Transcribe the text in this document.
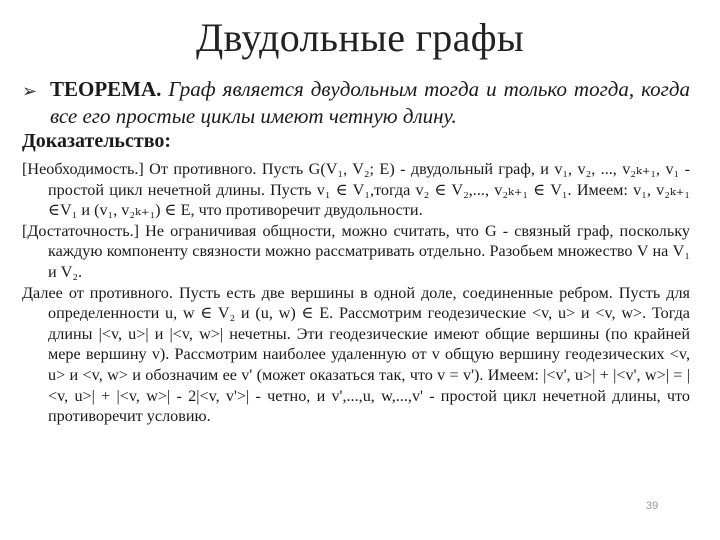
Двудольные графы
➢ ТЕОРЕМА. Граф является двудольным тогда и только тогда, когда все его простые циклы имеют четную длину.
Доказательство:

[Необходимость.] От противного. Пусть G(V₁, V₂; E) - двудольный граф, и v₁, v₂, ..., v₂ₖ₊₁, v₁ - простой цикл нечетной длины. Пусть v₁ ∈ V₁,тогда v₂ ∈ V₂,..., v₂ₖ₊₁ ∈ V₁. Имеем: v₁, v₂ₖ₊₁ ∈V₁ и (v₁, v₂ₖ₊₁) ∈ E, что противоречит двудольности.

[Достаточность.] Не ограничивая общности, можно считать, что G - связный граф, поскольку каждую компоненту связности можно рассматривать отдельно. Разобьем множество V на V₁ и V₂.

Далее от противного. Пусть есть две вершины в одной доле, соединенные ребром. Пусть для определенности u, w ∈ V₂ и (u, w) ∈ E. Рассмотрим геодезические <v, u> и <v, w>. Тогда длины |<v, u>| и |<v, w>| нечетны. Эти геодезические имеют общие вершины (по крайней мере вершину v). Рассмотрим наиболее удаленную от v общую вершину геодезических <v, u> и <v, w> и обозначим ее v' (может оказаться так, что v = v'). Имеем: |<v', u>| + |<v', w>| = |<v, u>| + |<v, w>| - 2|<v, v'>| - четно, и v',...,u, w,...,v' - простой цикл нечетной длины, что противоречит условию.

39
